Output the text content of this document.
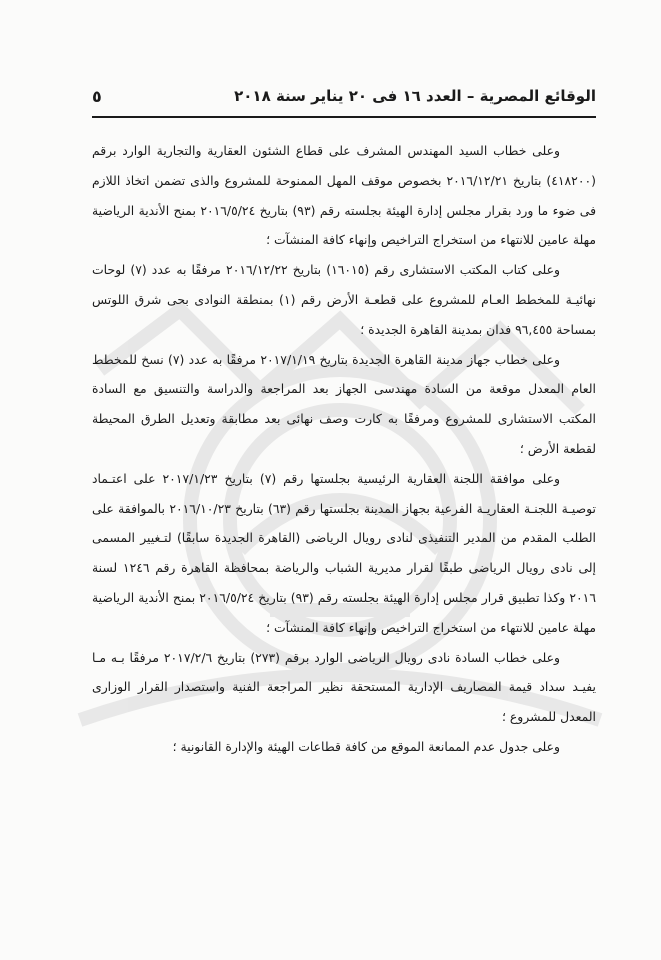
الوقائع المصرية – العدد ١٦ فى ٢٠ يناير سنة ٢٠١٨
٥

وعلى خطاب السيد المهندس المشرف على قطاع الشئون العقارية والتجارية الوارد برقم (٤١٨٢٠٠) بتاريخ ٢٠١٦/١٢/٢١ بخصوص موقف المهل الممنوحة للمشروع والذى تضمن اتخاذ اللازم فى ضوء ما ورد بقرار مجلس إدارة الهيئة بجلسته رقم (٩٣) بتاريخ ٢٠١٦/٥/٢٤ بمنح الأندية الرياضية مهلة عامين للانتهاء من استخراج التراخيص وإنهاء كافة المنشآت ؛

وعلى كتاب المكتب الاستشارى رقم (١٦٠١٥) بتاريخ ٢٠١٦/١٢/٢٢ مرفقًا به عدد (٧) لوحات نهائيـة للمخطط العـام للمشروع على قطعـة الأرض رقم (١) بمنطقة النوادى بحى شرق اللوتس بمساحة ٩٦,٤٥٥ فدان بمدينة القاهرة الجديدة ؛

وعلى خطاب جهاز مدينة القاهرة الجديدة بتاريخ ٢٠١٧/١/١٩ مرفقًا به عدد (٧) نسخ للمخطط العام المعدل موقعة من السادة مهندسى الجهاز بعد المراجعة والدراسة والتنسيق مع السادة المكتب الاستشارى للمشروع ومرفقًا به كارت وصف نهائى بعد مطابقة وتعديل الطرق المحيطة لقطعة الأرض ؛

وعلى موافقة اللجنة العقارية الرئيسية بجلستها رقم (٧) بتاريخ ٢٠١٧/١/٢٣ على اعتـماد توصيـة اللجنـة العقاريـة الفرعية بجهاز المدينة بجلستها رقم (٦٣) بتاريخ ٢٠١٦/١٠/٢٣ بالموافقة على الطلب المقدم من المدير التنفيذى لنادى رويال الرياضى (القاهرة الجديدة سابقًا) لتـغيير المسمى إلى نادى رويال الرياضى طبقًا لقرار مديرية الشباب والرياضة بمحافظة القاهرة رقم ١٢٤٦ لسنة ٢٠١٦ وكذا تطبيق قرار مجلس إدارة الهيئة بجلسته رقم (٩٣) بتاريخ ٢٠١٦/٥/٢٤ بمنح الأندية الرياضية مهلة عامين للانتهاء من استخراج التراخيص وإنهاء كافة المنشآت ؛

وعلى خطاب السادة نادى رويال الرياضى الوارد برقم (٢٧٣) بتاريخ ٢٠١٧/٢/٦ مرفقًا بـه مـا يفيـد سداد قيمة المصاريف الإدارية المستحقة نظير المراجعة الفنية واستصدار القرار الوزارى المعدل للمشروع ؛

وعلى جدول عدم الممانعة الموقع من كافة قطاعات الهيئة والإدارة القانونية ؛
